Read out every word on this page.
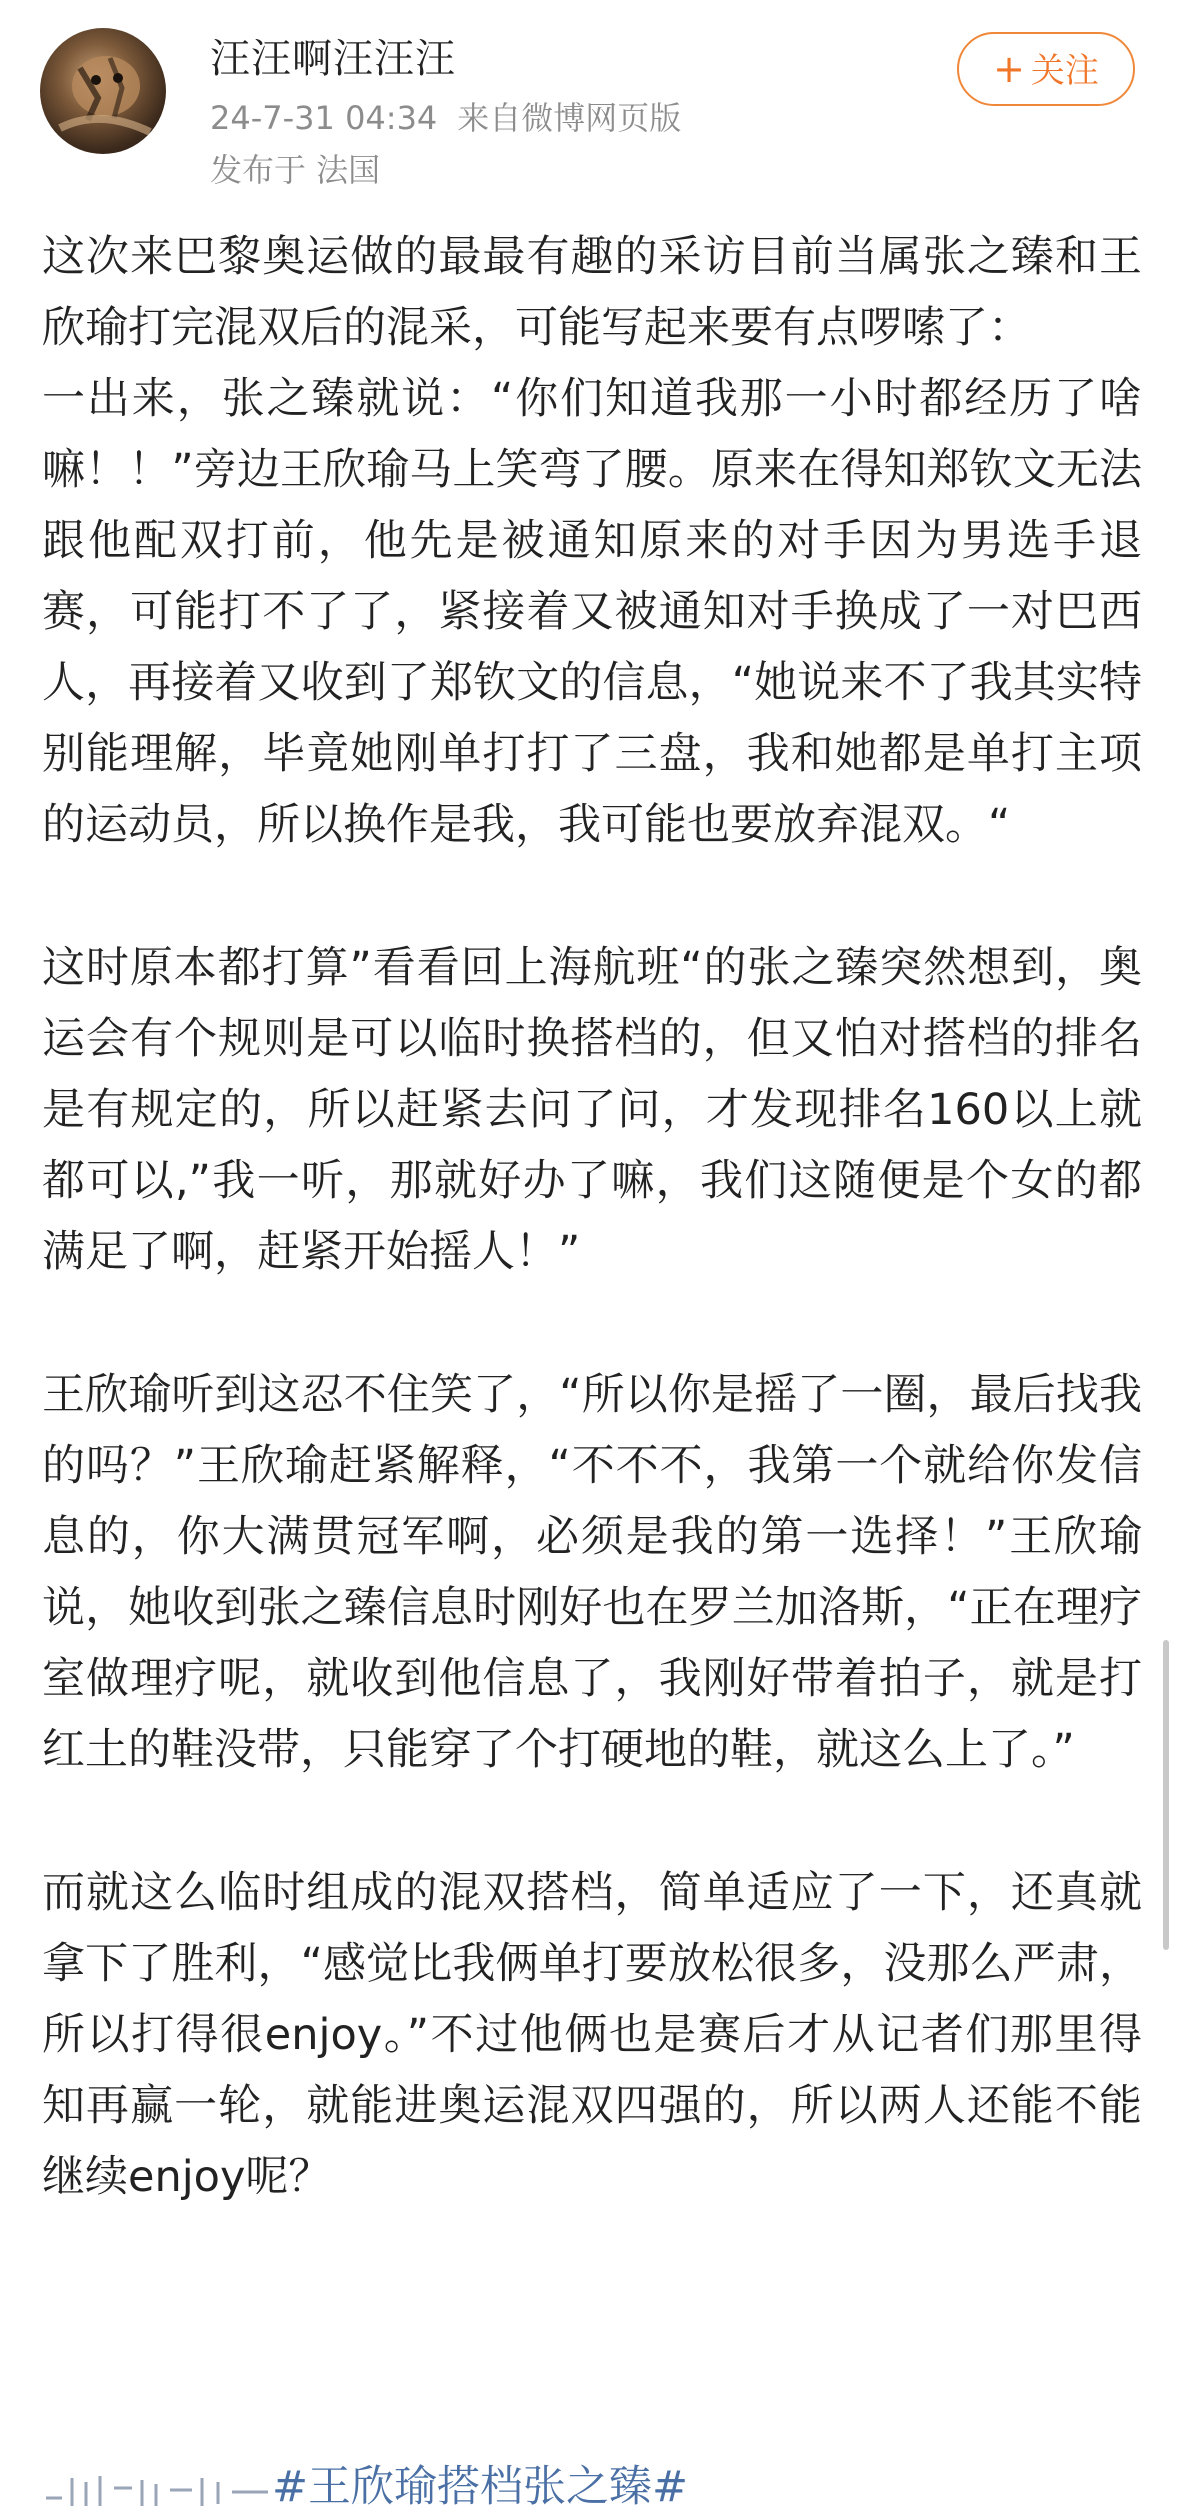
汪汪啊汪汪汪
24-7-31 04:34 来自微博网页版
发布于 法国
+ 关注

这次来巴黎奥运做的最最有趣的采访目前当属张之臻和王欣瑜打完混双后的混采，可能写起来要有点啰嗦了：

一出来，张之臻就说：“你们知道我那一小时都经历了啥嘛！！”旁边王欣瑜马上笑弯了腰。原来在得知郑钦文无法跟他配双打前，他先是被通知原来的对手因为男选手退赛，可能打不了了，紧接着又被通知对手换成了一对巴西人，再接着又收到了郑钦文的信息，“她说来不了我其实特别能理解，毕竟她刚单打打了三盘，我和她都是单打主项的运动员，所以换作是我，我可能也要放弃混双。“

这时原本都打算”看看回上海航班“的张之臻突然想到，奥运会有个规则是可以临时换搭档的，但又怕对搭档的排名是有规定的，所以赶紧去问了问，才发现排名160以上就都可以,”我一听，那就好办了嘛，我们这随便是个女的都满足了啊，赶紧开始摇人！”

王欣瑜听到这忍不住笑了，“所以你是摇了一圈，最后找我的吗？”王欣瑜赶紧解释，“不不不，我第一个就给你发信息的，你大满贯冠军啊，必须是我的第一选择！”王欣瑜说，她收到张之臻信息时刚好也在罗兰加洛斯，“正在理疗室做理疗呢，就收到他信息了，我刚好带着拍子，就是打红土的鞋没带，只能穿了个打硬地的鞋，就这么上了。”

而就这么临时组成的混双搭档，简单适应了一下，还真就拿下了胜利，“感觉比我俩单打要放松很多，没那么严肃，所以打得很enjoy。”不过他俩也是赛后才从记者们那里得知再赢一轮，就能进奥运混双四强的，所以两人还能不能继续enjoy呢？

#王欣瑜搭档张之臻#
